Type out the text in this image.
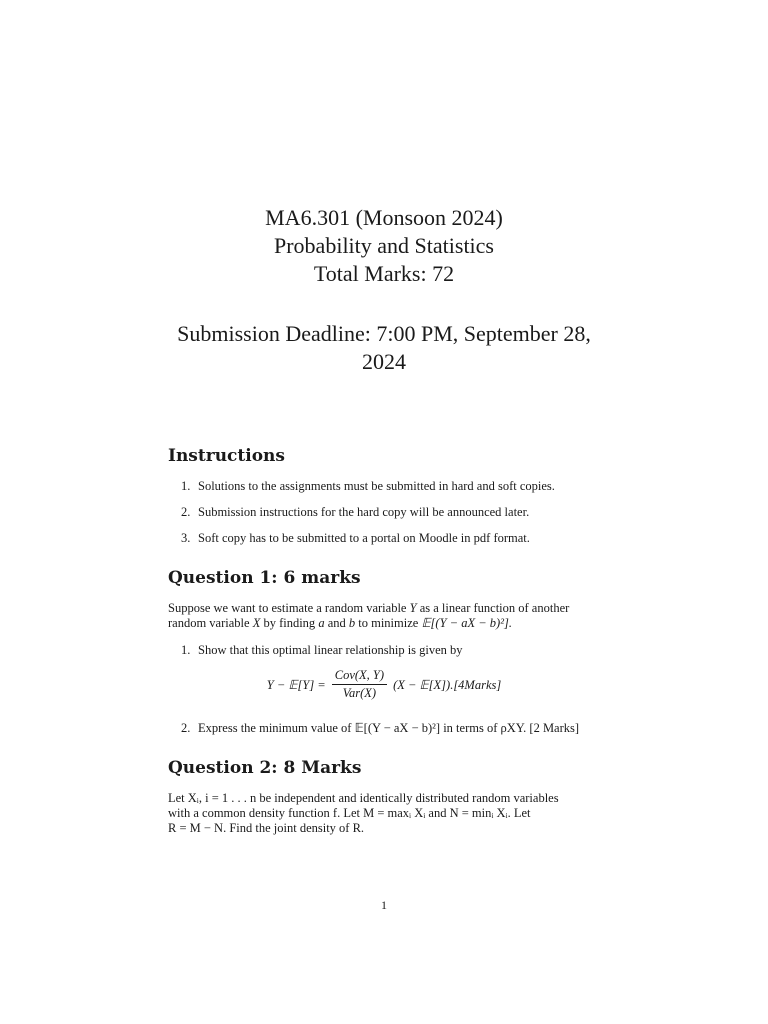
MA6.301 (Monsoon 2024)
Probability and Statistics
Total Marks: 72
Submission Deadline: 7:00 PM, September 28, 2024
Instructions
1. Solutions to the assignments must be submitted in hard and soft copies.
2. Submission instructions for the hard copy will be announced later.
3. Soft copy has to be submitted to a portal on Moodle in pdf format.
Question 1: 6 marks
Suppose we want to estimate a random variable Y as a linear function of another random variable X by finding a and b to minimize 𝔼[(Y − aX − b)²].
1. Show that this optimal linear relationship is given by
Y − 𝔼[Y] = $\frac{\text{Cov(X, Y)}}{\text{Var(X)}} (X$ − 𝔼[X]).[4Marks]
2. Express the minimum value of 𝔼[(Y − aX − b)²] in terms of ρXY. [2 Marks]
Question 2: 8 Marks
Let Xᵢ, i = 1 . . . n be independent and identically distributed random variables
with a common density function f. Let M = maxᵢ Xᵢ and N = minᵢ Xᵢ. Let
R = M − N. Find the joint density of R.
1
